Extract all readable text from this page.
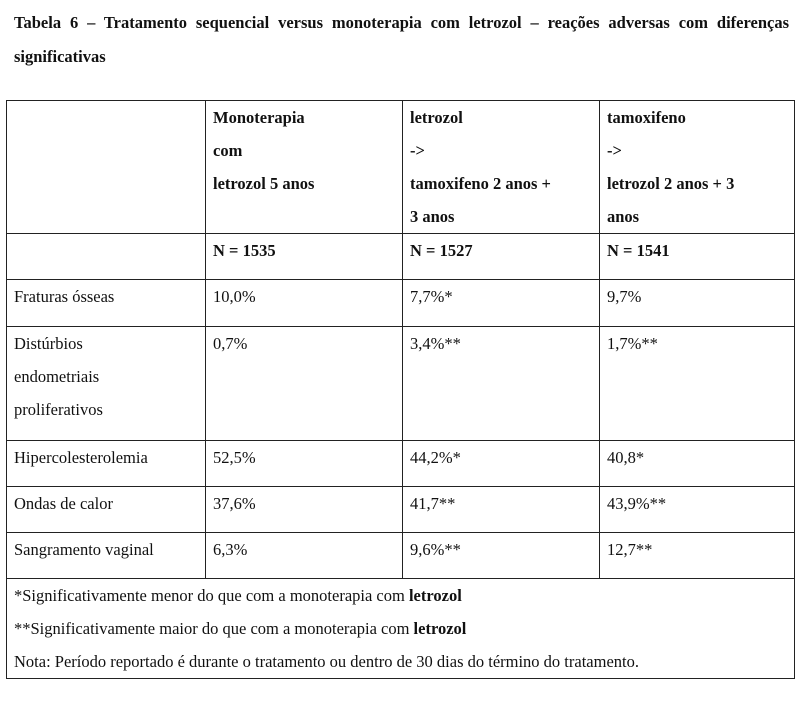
Tabela 6 – Tratamento sequencial versus monoterapia com letrozol – reações adversas com diferenças significativas

	Monoterapia
com
letrozol 5 anos	letrozol
->
tamoxifeno 2 anos +
3 anos	tamoxifeno
->
letrozol 2 anos + 3
anos

	N = 1535	N = 1527	N = 1541
Fraturas ósseas	10,0%	7,7%*	9,7%

Distúrbios
endometriais
proliferativos	0,7%	3,4%**	1,7%**
Hipercolesterolemia	52,5%	44,2%*	40,8*
Ondas de calor	37,6%	41,7**	43,9%**
Sangramento vaginal	6,3%	9,6%**	12,7**

*Significativamente menor do que com a monoterapia com letrozol
**Significativamente maior do que com a monoterapia com letrozol
Nota: Período reportado é durante o tratamento ou dentro de 30 dias do término do tratamento.			
